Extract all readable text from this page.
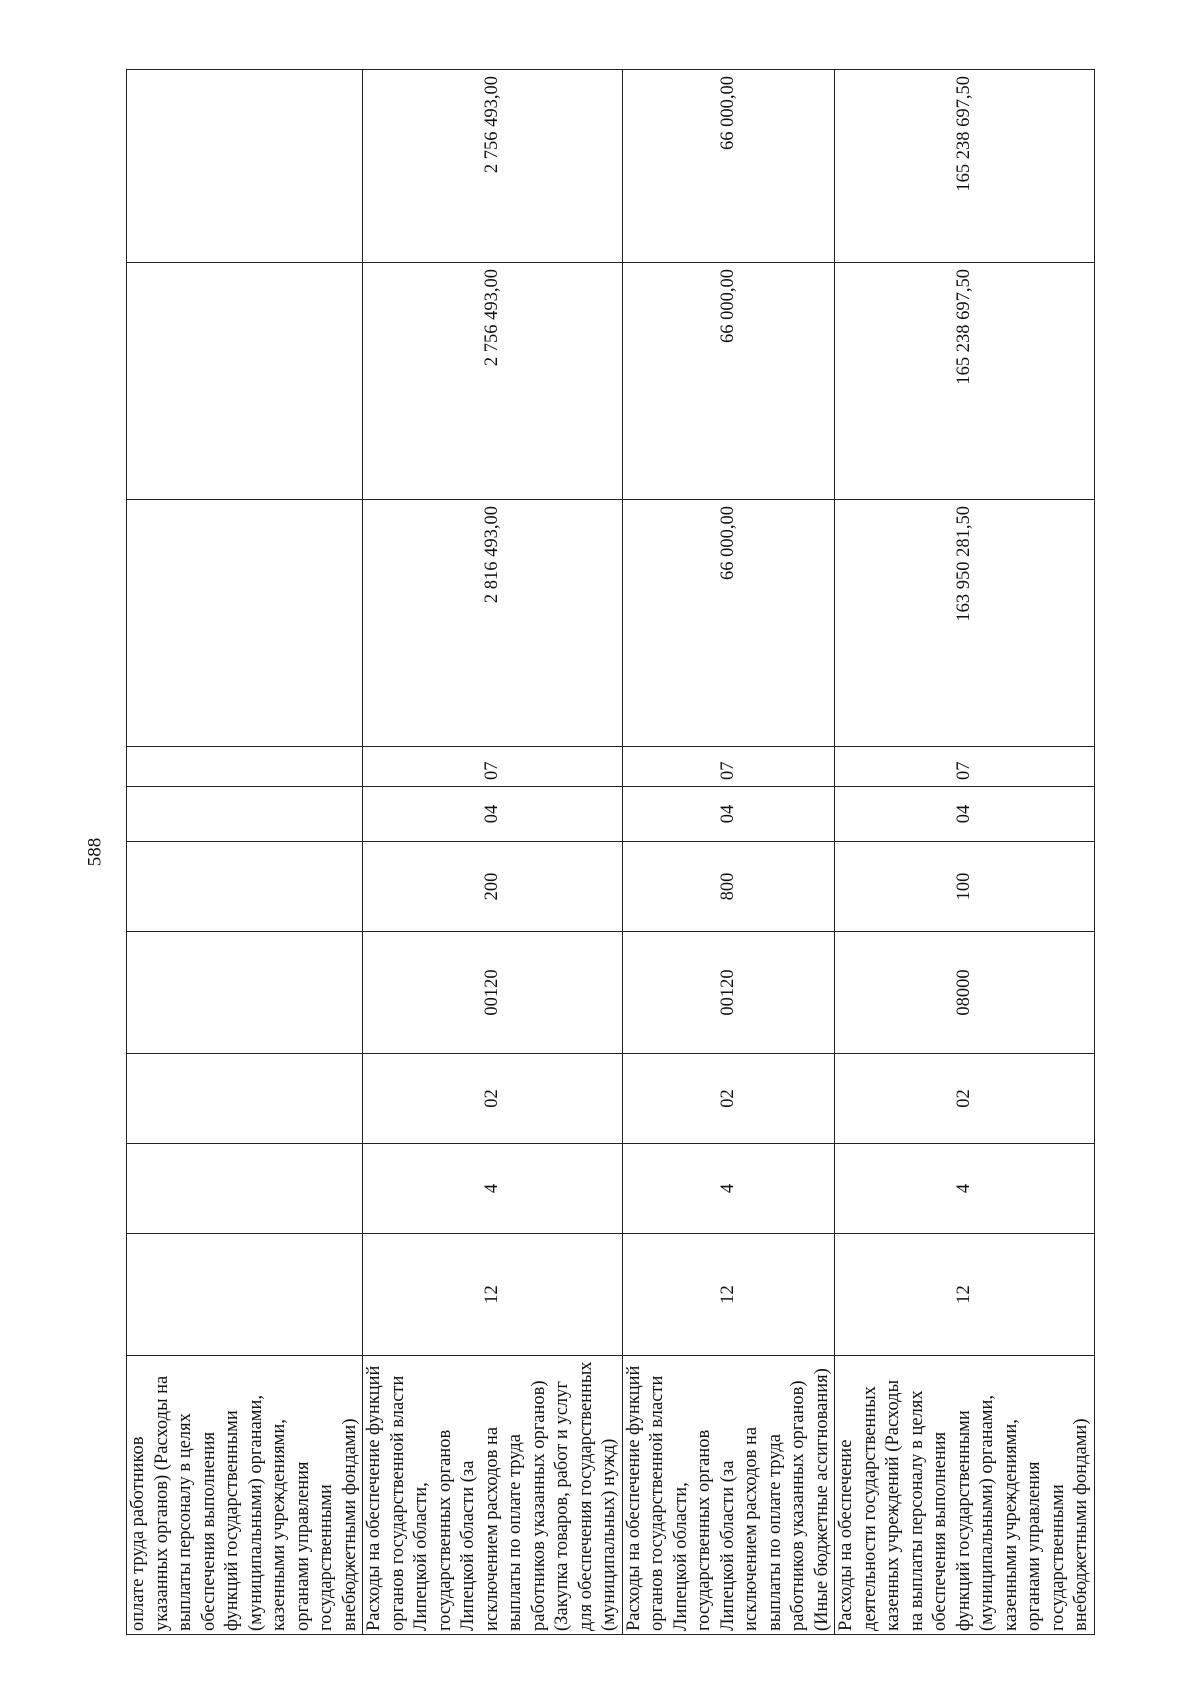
588
оплате труда работников указанных органов) (Расходы на выплаты персоналу в целях обеспечения выполнения функций государственными (муниципальными) органами, казенными учреждениями, органами управления государственными внебюджетными фондами)										
Расходы на обеспечение функций органов государственной власти Липецкой области, государственных органов Липецкой области (за исключением расходов на выплаты по оплате труда работников указанных органов) (Закупка товаров, работ и услуг для обеспечения государственных (муниципальных) нужд)	12	4	02	00120	200	04	07	2 816 493,00	2 756 493,00	2 756 493,00
Расходы на обеспечение функций органов государственной власти Липецкой области, государственных органов Липецкой области (за исключением расходов на выплаты по оплате труда работников указанных органов) (Иные бюджетные ассигнования)	12	4	02	00120	800	04	07	66 000,00	66 000,00	66 000,00
Расходы на обеспечение деятельности государственных казенных учреждений (Расходы на выплаты персоналу в целях обеспечения выполнения функций государственными (муниципальными) органами, казенными учреждениями, органами управления государственными внебюджетными фондами)	12	4	02	08000	100	04	07	163 950 281,50	165 238 697,50	165 238 697,50
